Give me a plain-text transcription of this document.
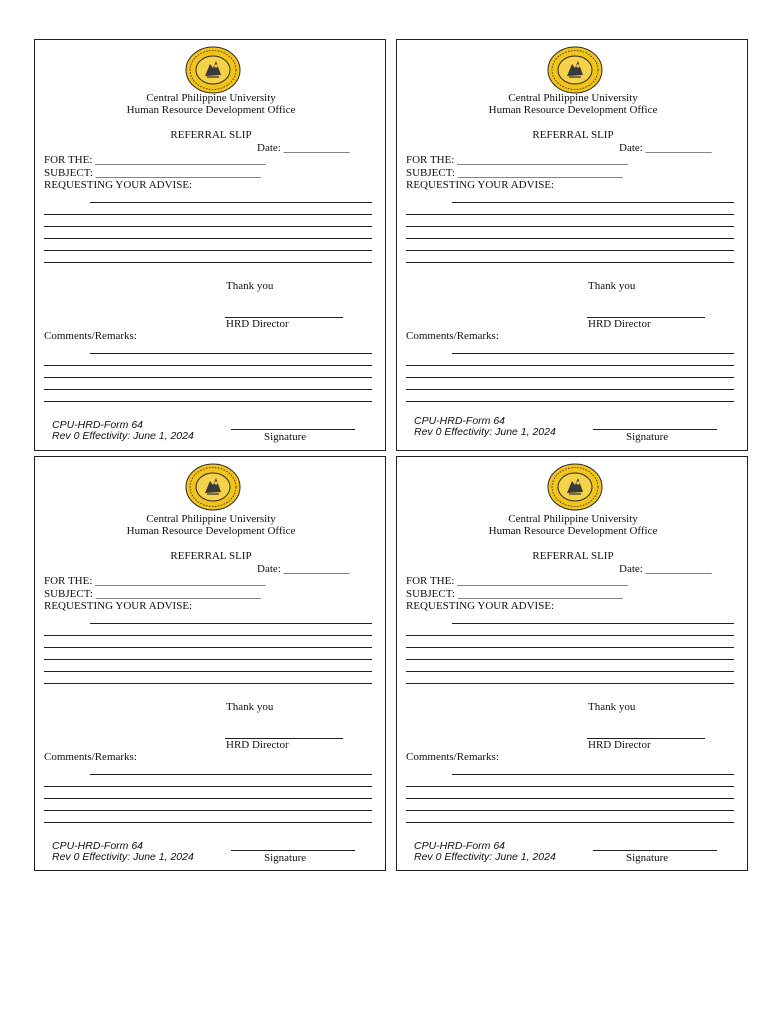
Central Philippine University
Human Resource Development Office
REFERRAL SLIP
Date: ____________
FOR THE: _______________________________
SUBJECT: ______________________________
REQUESTING YOUR ADVISE:
Thank you
HRD Director
Comments/Remarks:
CPU-HRD-Form 64
Rev 0 Effectivity: June 1, 2024	Signature
Central Philippine University
Human Resource Development Office
REFERRAL SLIP
Date: ____________
FOR THE: _______________________________
SUBJECT: ______________________________
REQUESTING YOUR ADVISE:
Thank you
HRD Director
Comments/Remarks:
CPU-HRD-Form 64
Rev 0 Effectivity: June 1, 2024	Signature
Central Philippine University
Human Resource Development Office
REFERRAL SLIP
Date: ____________
FOR THE: _______________________________
SUBJECT: ______________________________
REQUESTING YOUR ADVISE:
Thank you
HRD Director
Comments/Remarks:
CPU-HRD-Form 64
Rev 0 Effectivity: June 1, 2024	Signature
Central Philippine University
Human Resource Development Office
REFERRAL SLIP
Date: ____________
FOR THE: _______________________________
SUBJECT: ______________________________
REQUESTING YOUR ADVISE:
Thank you
HRD Director
Comments/Remarks:
CPU-HRD-Form 64
Rev 0 Effectivity: June 1, 2024	Signature
